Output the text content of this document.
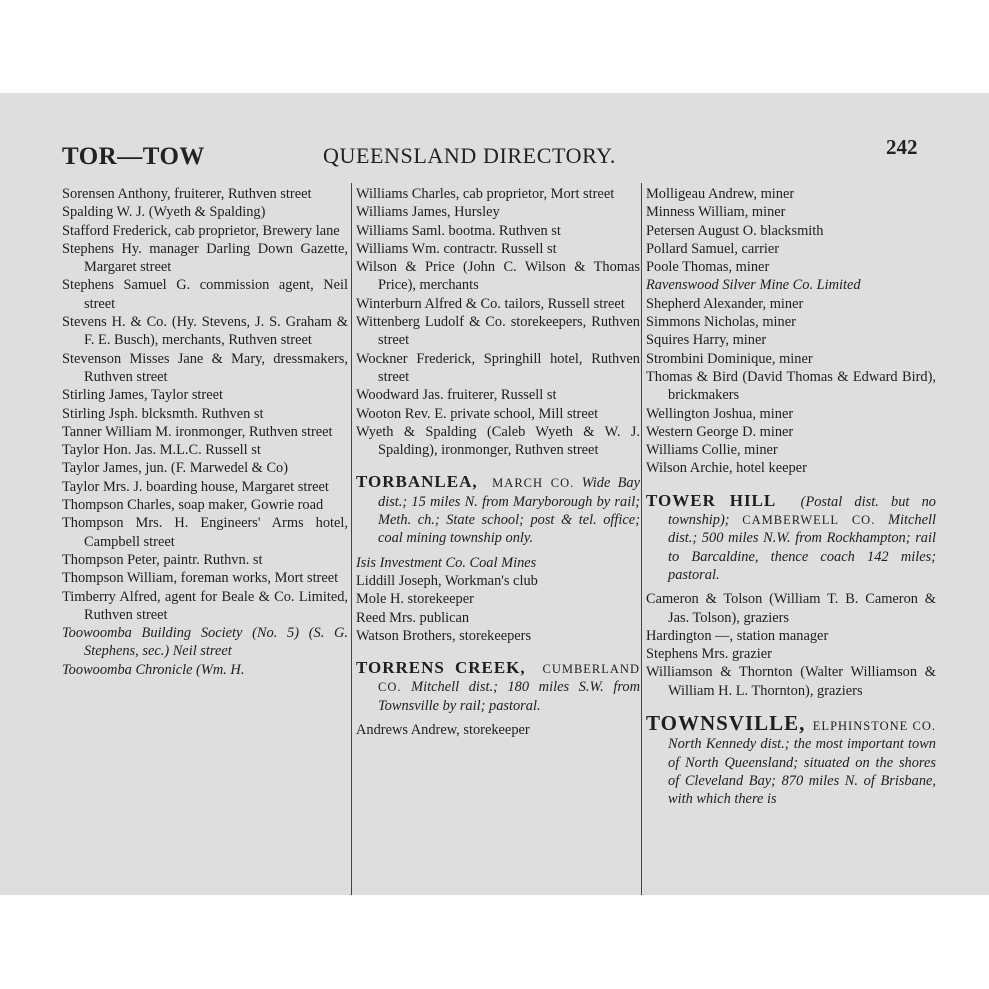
TOR—TOW	QUEENSLAND DIRECTORY.	242
Sorensen Anthony, fruiterer, Ruthven street
Spalding W. J. (Wyeth & Spalding)
Stafford Frederick, cab proprietor, Brewery lane
Stephens Hy. manager Darling Down Gazette, Margaret street
Stephens Samuel G. commission agent, Neil street
Stevens H. & Co. (Hy. Stevens, J. S. Graham & F. E. Busch), merchants, Ruthven street
Stevenson Misses Jane & Mary, dressmakers, Ruthven street
Stirling James, Taylor street
Stirling Jsph. blcksmth. Ruthven st
Tanner William M. ironmonger, Ruthven street
Taylor Hon. Jas. M.L.C. Russell st
Taylor James, jun. (F. Marwedel & Co)
Taylor Mrs. J. boarding house, Margaret street
Thompson Charles, soap maker, Gowrie road
Thompson Mrs. H. Engineers' Arms hotel, Campbell street
Thompson Peter, paintr. Ruthvn. st
Thompson William, foreman works, Mort street
Timberry Alfred, agent for Beale & Co. Limited, Ruthven street
Toowoomba Building Society (No. 5) (S. G. Stephens, sec.) Neil street
Toowoomba Chronicle (Wm. H.
Williams Charles, cab proprietor, Mort street
Williams James, Hursley
Williams Saml. bootma. Ruthven st
Williams Wm. contractr. Russell st
Wilson & Price (John C. Wilson & Thomas Price), merchants
Winterburn Alfred & Co. tailors, Russell street
Wittenberg Ludolf & Co. storekeepers, Ruthven street
Wockner Frederick, Springhill hotel, Ruthven street
Woodward Jas. fruiterer, Russell st
Wooton Rev. E. private school, Mill street
Wyeth & Spalding (Caleb Wyeth & W. J. Spalding), ironmonger, Ruthven street
TORBANLEA, MARCH CO. Wide Bay dist.; 15 miles N. from Maryborough by rail; Meth. ch.; State school; post & tel. office; coal mining township only.
Isis Investment Co. Coal Mines
Liddill Joseph, Workman's club
Mole H. storekeeper
Reed Mrs. publican
Watson Brothers, storekeepers
TORRENS CREEK, CUMBERLAND CO. Mitchell dist.; 180 miles S.W. from Townsville by rail; pastoral.
Andrews Andrew, storekeeper
Molligeau Andrew, miner
Minness William, miner
Petersen August O. blacksmith
Pollard Samuel, carrier
Poole Thomas, miner
Ravenswood Silver Mine Co. Limited
Shepherd Alexander, miner
Simmons Nicholas, miner
Squires Harry, miner
Strombini Dominique, miner
Thomas & Bird (David Thomas & Edward Bird), brickmakers
Wellington Joshua, miner
Western George D. miner
Williams Collie, miner
Wilson Archie, hotel keeper
TOWER HILL (Postal dist. but no township); CAMBERWELL CO. Mitchell dist.; 500 miles N.W. from Rockhampton; rail to Barcaldine, thence coach 142 miles; pastoral.
Cameron & Tolson (William T. B. Cameron & Jas. Tolson), graziers
Hardington —, station manager
Stephens Mrs. grazier
Williamson & Thornton (Walter Williamson & William H. L. Thornton), graziers
TOWNSVILLE, ELPHINSTONE CO. North Kennedy dist.; the most important town of North Queensland; situated on the shores of Cleveland Bay; 870 miles N. of Brisbane, with which there is
